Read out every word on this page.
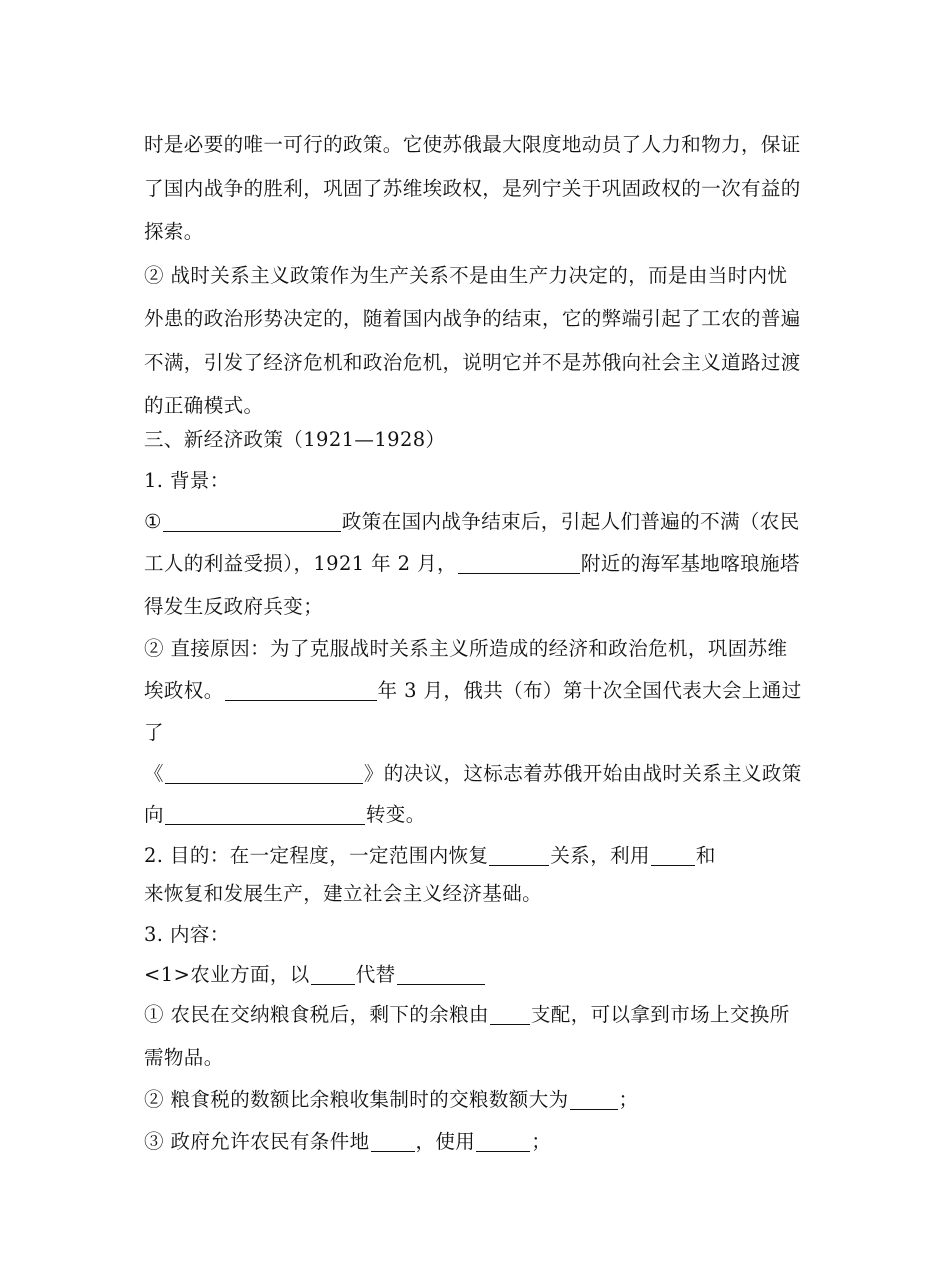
时是必要的唯一可行的政策。它使苏俄最大限度地动员了人力和物力，保证
了国内战争的胜利，巩固了苏维埃政权，是列宁关于巩固政权的一次有益的
探索。
② 战时关系主义政策作为生产关系不是由生产力决定的，而是由当时内忧
外患的政治形势决定的，随着国内战争的结束，它的弊端引起了工农的普遍
不满，引发了经济危机和政治危机，说明它并不是苏俄向社会主义道路过渡
的正确模式。
三、新经济政策（1921—1928）
1. 背景：
①	政策在国内战争结束后，引起人们普遍的不满（农民
工人的利益受损），1921 年 2 月，	附近的海军基地喀琅施塔
得发生反政府兵变；
② 直接原因：为了克服战时关系主义所造成的经济和政治危机，巩固苏维
埃政权。	年 3 月，俄共（布）第十次全国代表大会上通过
了
《	》的决议，这标志着苏俄开始由战时关系主义政策
向	转变。
2. 目的：在一定程度，一定范围内恢复	关系，利用 和
来恢复和发展生产，建立社会主义经济基础。
3. 内容：
<1>农业方面，以 代替
① 农民在交纳粮食税后，剩下的余粮由 支配，可以拿到市场上交换所
需物品。
② 粮食税的数额比余粮收集制时的交粮数额大为	；
③ 政府允许农民有条件地 ，使用	；
